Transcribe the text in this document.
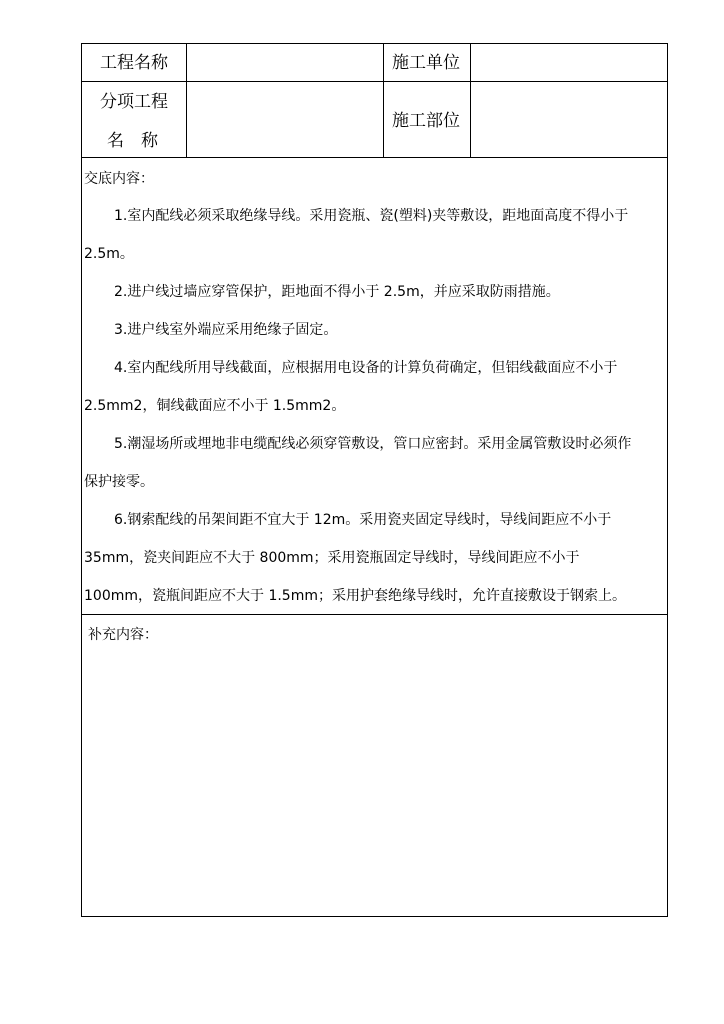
工程名称	施工单位
分项工程
名　称
施工部位
交底内容：
1.室内配线必须采取绝缘导线。采用瓷瓶、瓷(塑料)夹等敷设，距地面高度不得小于
2.5m。
2.进户线过墙应穿管保护，距地面不得小于 2.5m，并应采取防雨措施。
3.进户线室外端应采用绝缘子固定。
4.室内配线所用导线截面，应根据用电设备的计算负荷确定，但铝线截面应不小于
2.5mm2，铜线截面应不小于 1.5mm2。
5.潮湿场所或埋地非电缆配线必须穿管敷设，管口应密封。采用金属管敷设时必须作
保护接零。
6.钢索配线的吊架间距不宜大于 12m。采用瓷夹固定导线时，导线间距应不小于
35mm，瓷夹间距应不大于 800mm；采用瓷瓶固定导线时，导线间距应不小于
100mm，瓷瓶间距应不大于 1.5mm；采用护套绝缘导线时，允许直接敷设于钢索上。
补充内容：
